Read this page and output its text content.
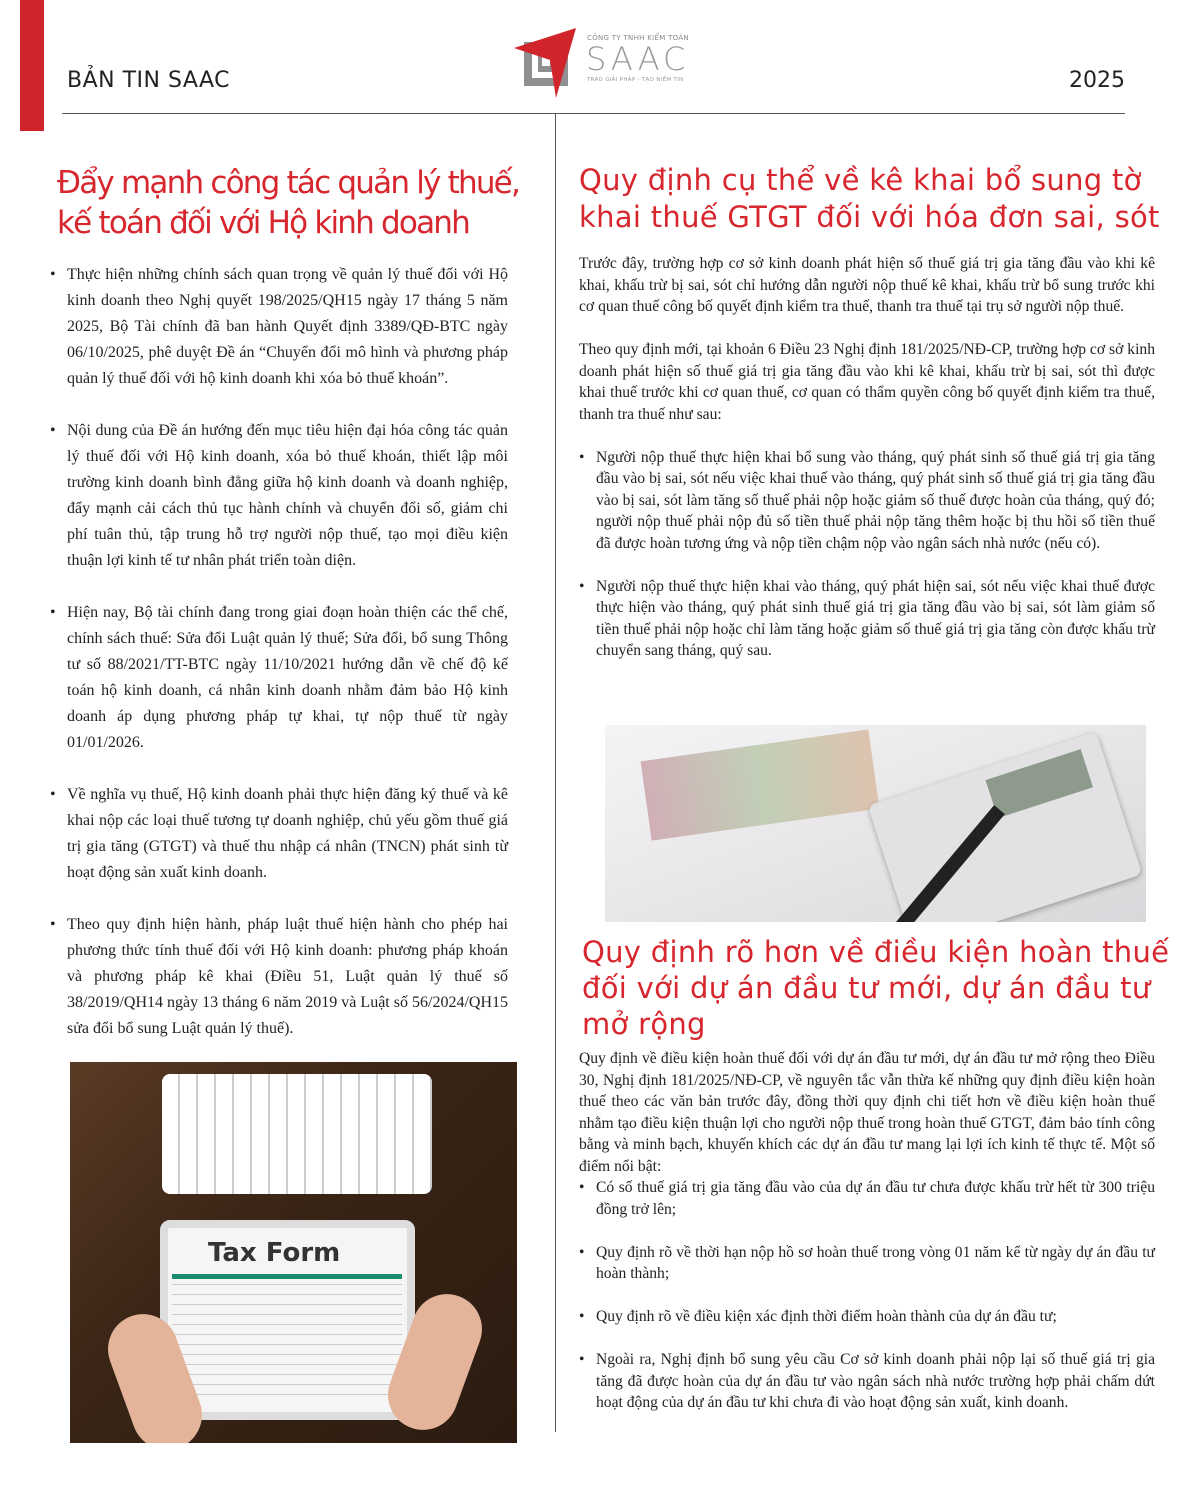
BẢN TIN SAAC
CÔNG TY TNHH KIỂM TOÁN
SAAC
TRAO GIẢI PHÁP - TẠO NIỀM TIN	2025
Đẩy mạnh công tác quản lý thuế, kế toán đối với Hộ kinh doanh
• Thực hiện những chính sách quan trọng về quản lý thuế đối với Hộ kinh doanh theo Nghị quyết 198/2025/QH15 ngày 17 tháng 5 năm 2025, Bộ Tài chính đã ban hành Quyết định 3389/QĐ-BTC ngày 06/10/2025, phê duyệt Đề án “Chuyển đổi mô hình và phương pháp quản lý thuế đối với hộ kinh doanh khi xóa bỏ thuế khoán”.
• Nội dung của Đề án hướng đến mục tiêu hiện đại hóa công tác quản lý thuế đối với Hộ kinh doanh, xóa bỏ thuế khoán, thiết lập môi trường kinh doanh bình đẳng giữa hộ kinh doanh và doanh nghiệp, đẩy mạnh cải cách thủ tục hành chính và chuyển đổi số, giảm chi phí tuân thủ, tập trung hỗ trợ người nộp thuế, tạo mọi điều kiện thuận lợi kinh tế tư nhân phát triển toàn diện.
• Hiện nay, Bộ tài chính đang trong giai đoạn hoàn thiện các thể chế, chính sách thuế: Sửa đổi Luật quản lý thuế; Sửa đổi, bổ sung Thông tư số 88/2021/TT-BTC ngày 11/10/2021 hướng dẫn về chế độ kế toán hộ kinh doanh, cá nhân kinh doanh nhằm đảm bảo Hộ kinh doanh áp dụng phương pháp tự khai, tự nộp thuế từ ngày 01/01/2026.
• Về nghĩa vụ thuế, Hộ kinh doanh phải thực hiện đăng ký thuế và kê khai nộp các loại thuế tương tự doanh nghiệp, chủ yếu gồm thuế giá trị gia tăng (GTGT) và thuế thu nhập cá nhân (TNCN) phát sinh từ hoạt động sản xuất kinh doanh.
• Theo quy định hiện hành, pháp luật thuế hiện hành cho phép hai phương thức tính thuế đối với Hộ kinh doanh: phương pháp khoán và phương pháp kê khai (Điều 51, Luật quản lý thuế số 38/2019/QH14 ngày 13 tháng 6 năm 2019 và Luật số 56/2024/QH15 sửa đổi bổ sung Luật quản lý thuế).
Tax Form
Quy định cụ thể về kê khai bổ sung tờ khai thuế GTGT đối với hóa đơn sai, sót

Trước đây, trường hợp cơ sở kinh doanh phát hiện số thuế giá trị gia tăng đầu vào khi kê khai, khấu trừ bị sai, sót chỉ hướng dẫn người nộp thuế kê khai, khấu trừ bổ sung trước khi cơ quan thuế công bố quyết định kiểm tra thuế, thanh tra thuế tại trụ sở người nộp thuế.

Theo quy định mới, tại khoản 6 Điều 23 Nghị định 181/2025/NĐ-CP, trường hợp cơ sở kinh doanh phát hiện số thuế giá trị gia tăng đầu vào khi kê khai, khấu trừ bị sai, sót thì được khai thuế trước khi cơ quan thuế, cơ quan có thẩm quyền công bố quyết định kiểm tra thuế, thanh tra thuế như sau:

• Người nộp thuế thực hiện khai bổ sung vào tháng, quý phát sinh số thuế giá trị gia tăng đầu vào bị sai, sót nếu việc khai thuế vào tháng, quý phát sinh số thuế giá trị gia tăng đầu vào bị sai, sót làm tăng số thuế phải nộp hoặc giảm số thuế được hoàn của tháng, quý đó; người nộp thuế phải nộp đủ số tiền thuế phải nộp tăng thêm hoặc bị thu hồi số tiền thuế đã được hoàn tương ứng và nộp tiền chậm nộp vào ngân sách nhà nước (nếu có).
• Người nộp thuế thực hiện khai vào tháng, quý phát hiện sai, sót nếu việc khai thuế được thực hiện vào tháng, quý phát sinh thuế giá trị gia tăng đầu vào bị sai, sót làm giảm số tiền thuế phải nộp hoặc chỉ làm tăng hoặc giảm số thuế giá trị gia tăng còn được khấu trừ chuyển sang tháng, quý sau.
Quy định rõ hơn về điều kiện hoàn thuế đối với dự án đầu tư mới, dự án đầu tư mở rộng

Quy định về điều kiện hoàn thuế đối với dự án đầu tư mới, dự án đầu tư mở rộng theo Điều 30, Nghị định 181/2025/NĐ-CP, về nguyên tắc vẫn thừa kế những quy định điều kiện hoàn thuế theo các văn bản trước đây, đồng thời quy định chi tiết hơn về điều kiện hoàn thuế nhằm tạo điều kiện thuận lợi cho người nộp thuế trong hoàn thuế GTGT, đảm bảo tính công bằng và minh bạch, khuyến khích các dự án đầu tư mang lại lợi ích kinh tế thực tế. Một số điểm nổi bật:

• Có số thuế giá trị gia tăng đầu vào của dự án đầu tư chưa được khấu trừ hết từ 300 triệu đồng trở lên;
• Quy định rõ về thời hạn nộp hồ sơ hoàn thuế trong vòng 01 năm kể từ ngày dự án đầu tư hoàn thành;
• Quy định rõ về điều kiện xác định thời điểm hoàn thành của dự án đầu tư;
• Ngoài ra, Nghị định bổ sung yêu cầu Cơ sở kinh doanh phải nộp lại số thuế giá trị gia tăng đã được hoàn của dự án đầu tư vào ngân sách nhà nước trường hợp phải chấm dứt hoạt động của dự án đầu tư khi chưa đi vào hoạt động sản xuất, kinh doanh.
